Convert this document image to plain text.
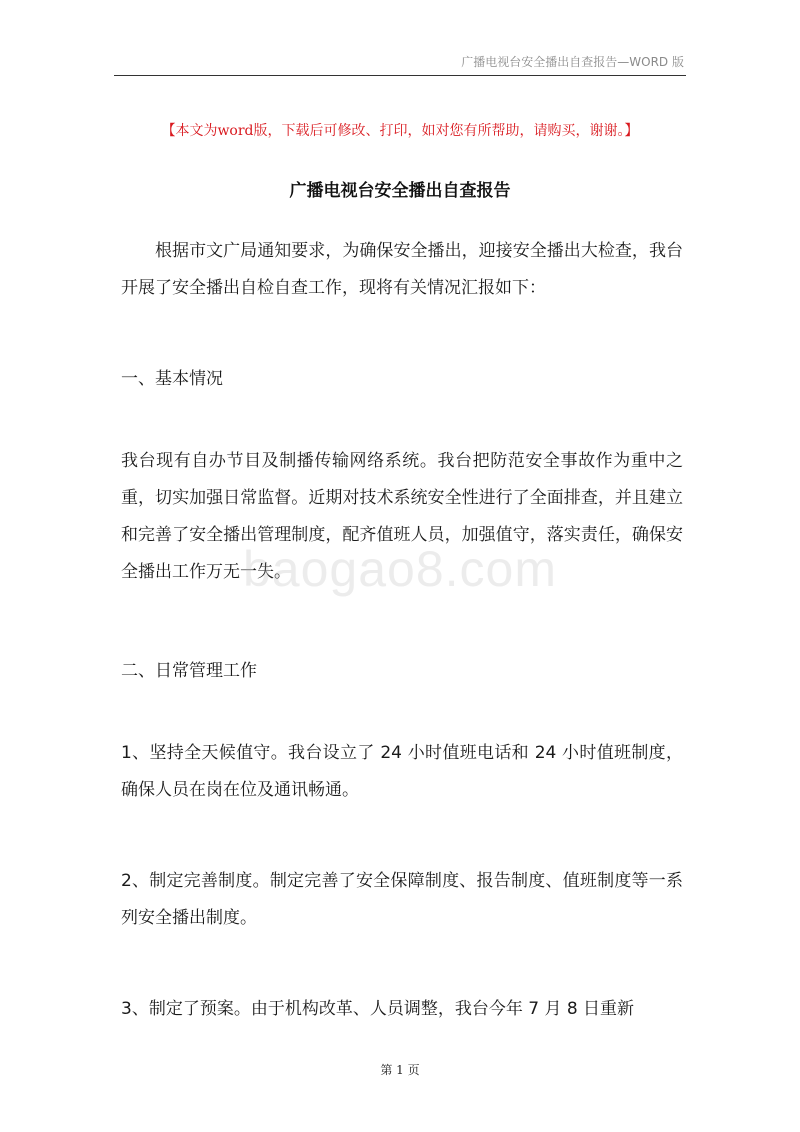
广播电视台安全播出自查报告—WORD 版
【本文为word版，下载后可修改、打印，如对您有所帮助，请购买，谢谢。】
广播电视台安全播出自查报告
根据市文广局通知要求，为确保安全播出，迎接安全播出大检查，我台开展了安全播出自检自查工作，现将有关情况汇报如下：
一、基本情况
我台现有自办节目及制播传输网络系统。我台把防范安全事故作为重中之重，切实加强日常监督。近期对技术系统安全性进行了全面排查，并且建立和完善了安全播出管理制度，配齐值班人员，加强值守，落实责任，确保安全播出工作万无一失。
二、日常管理工作
1、坚持全天候值守。我台设立了 24 小时值班电话和 24 小时值班制度，确保人员在岗在位及通讯畅通。
2、制定完善制度。制定完善了安全保障制度、报告制度、值班制度等一系列安全播出制度。
3、制定了预案。由于机构改革、人员调整，我台今年 7 月 8 日重新
baogao8.com
第 1 页
